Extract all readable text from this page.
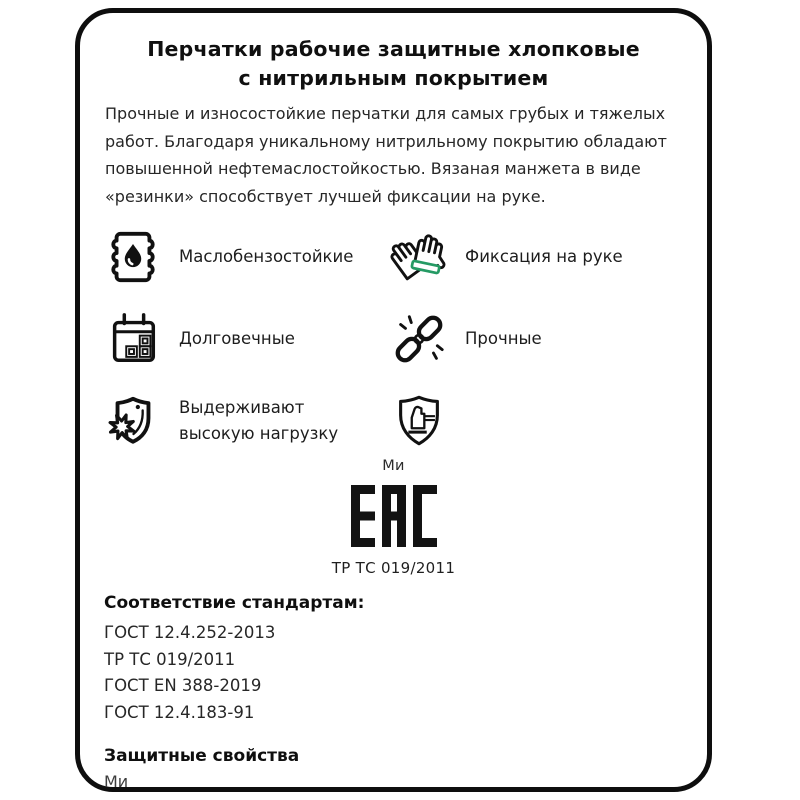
Перчатки рабочие защитные хлопковые
с нитрильным покрытием
Прочные и износостойкие перчатки для самых грубых и тяжелых работ. Благодаря уникальному нитрильному покрытию обладают повышенной нефтемаслостойкостью. Вязаная манжета в виде «резинки» способствует лучшей фиксации на руке.
Маслобензостойкие	Фиксация на руке
Долговечные	Прочные
Выдерживают высокую нагрузку
Ми
ТР ТС 019/2011
Соответствие стандартам:
ГОСТ 12.4.252-2013
ТР ТС 019/2011
ГОСТ EN 388-2019
ГОСТ 12.4.183-91
Защитные свойства
Ми
